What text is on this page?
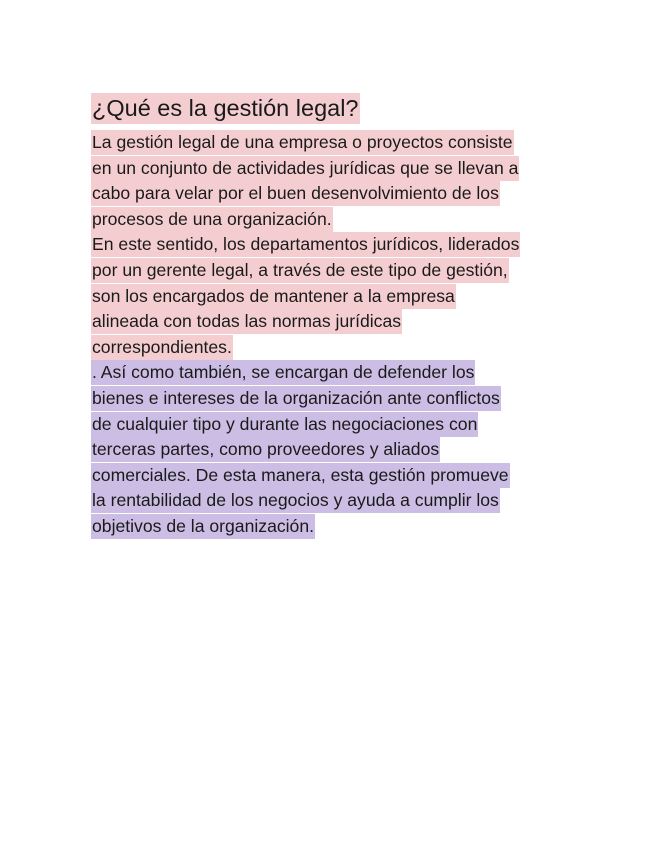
¿Qué es la gestión legal?
La gestión legal de una empresa o proyectos consiste
en un conjunto de actividades jurídicas que se llevan a
cabo para velar por el buen desenvolvimiento de los
procesos de una organización.
En este sentido, los departamentos jurídicos, liderados
por un gerente legal, a través de este tipo de gestión,
son los encargados de mantener a la empresa
alineada con todas las normas jurídicas
correspondientes.
. Así como también, se encargan de defender los
bienes e intereses de la organización ante conflictos
de cualquier tipo y durante las negociaciones con
terceras partes, como proveedores y aliados
comerciales. De esta manera, esta gestión promueve
la rentabilidad de los negocios y ayuda a cumplir los
objetivos de la organización.
